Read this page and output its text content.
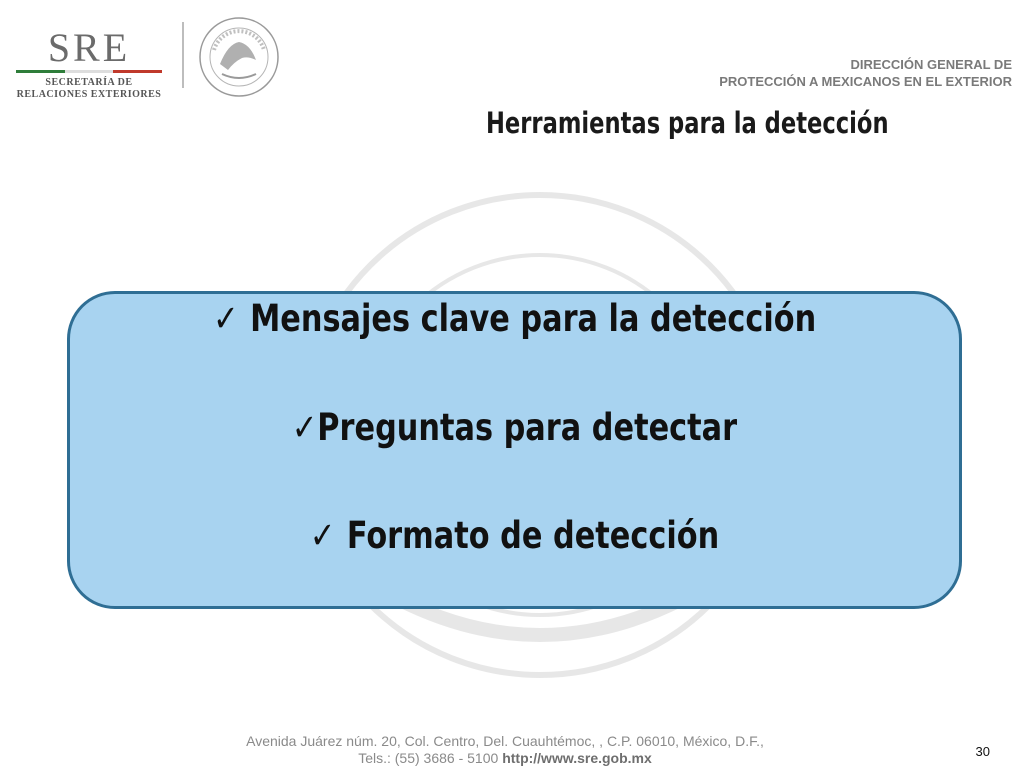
SRE
SECRETARÍA DE
RELACIONES EXTERIORES
DIRECCIÓN GENERAL DE
PROTECCIÓN A MEXICANOS EN EL EXTERIOR
Herramientas para la detección
✓ Mensajes clave para la detección
✓Preguntas para detectar
✓ Formato de detección
Avenida Juárez núm. 20, Col. Centro, Del. Cuauhtémoc, , C.P. 06010, México, D.F.,
Tels.: (55) 3686 - 5100 http://www.sre.gob.mx	30
